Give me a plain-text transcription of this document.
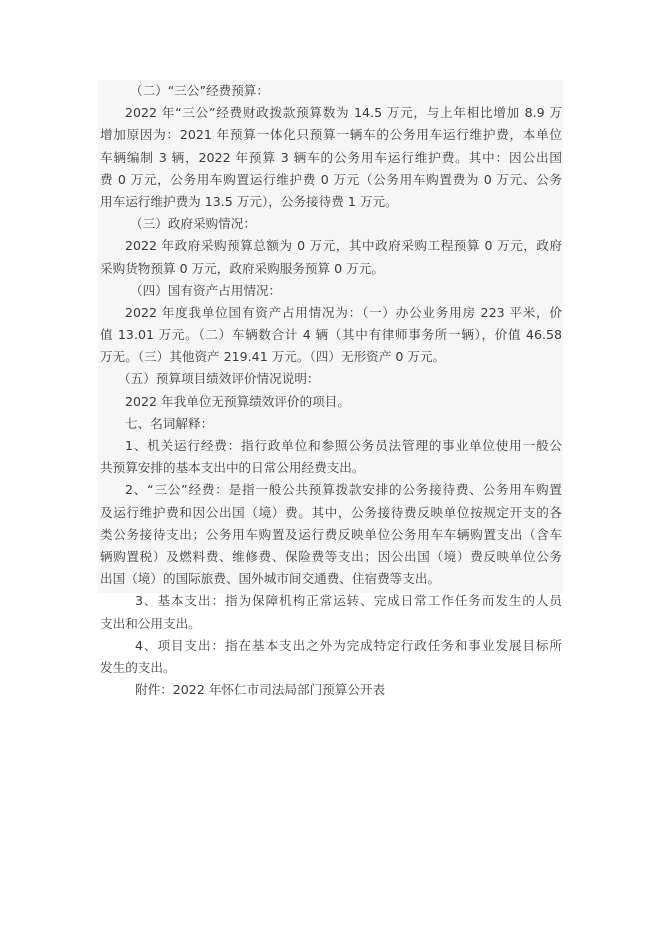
（二）“三公”经费预算：
2022 年“三公”经费财政拨款预算数为 14.5 万元，与上年相比增加 8.9 万
增加原因为：2021 年预算一体化只预算一辆车的公务用车运行维护费，本单位
车辆编制 3 辆，2022 年预算 3 辆车的公务用车运行维护费。其中：因公出国
费 0 万元，公务用车购置运行维护费 0 万元（公务用车购置费为 0 万元、公务
用车运行维护费为 13.5 万元），公务接待费 1 万元。
（三）政府采购情况：
2022 年政府采购预算总额为 0 万元，其中政府采购工程预算 0 万元，政府
采购货物预算 0 万元，政府采购服务预算 0 万元。
（四）国有资产占用情况：
2022 年度我单位国有资产占用情况为：（一）办公业务用房 223 平米，价
值 13.01 万元。（二）车辆数合计 4 辆（其中有律师事务所一辆），价值 46.58
万无。（三）其他资产 219.41 万元。（四）无形资产 0 万元。
（五）预算项目绩效评价情况说明：
2022 年我单位无预算绩效评价的项目。
七、名词解释：
1、机关运行经费：指行政单位和参照公务员法管理的事业单位使用一般公
共预算安排的基本支出中的日常公用经费支出。
2、“三公”经费：是指一般公共预算拨款安排的公务接待费、公务用车购置
及运行维护费和因公出国（境）费。其中，公务接待费反映单位按规定开支的各
类公务接待支出；公务用车购置及运行费反映单位公务用车车辆购置支出（含车
辆购置税）及燃料费、维修费、保险费等支出；因公出国（境）费反映单位公务
出国（境）的国际旅费、国外城市间交通费、住宿费等支出。
3、基本支出：指为保障机构正常运转、完成日常工作任务而发生的人员
支出和公用支出。
4、项目支出：指在基本支出之外为完成特定行政任务和事业发展目标所
发生的支出。
附件：2022 年怀仁市司法局部门预算公开表
